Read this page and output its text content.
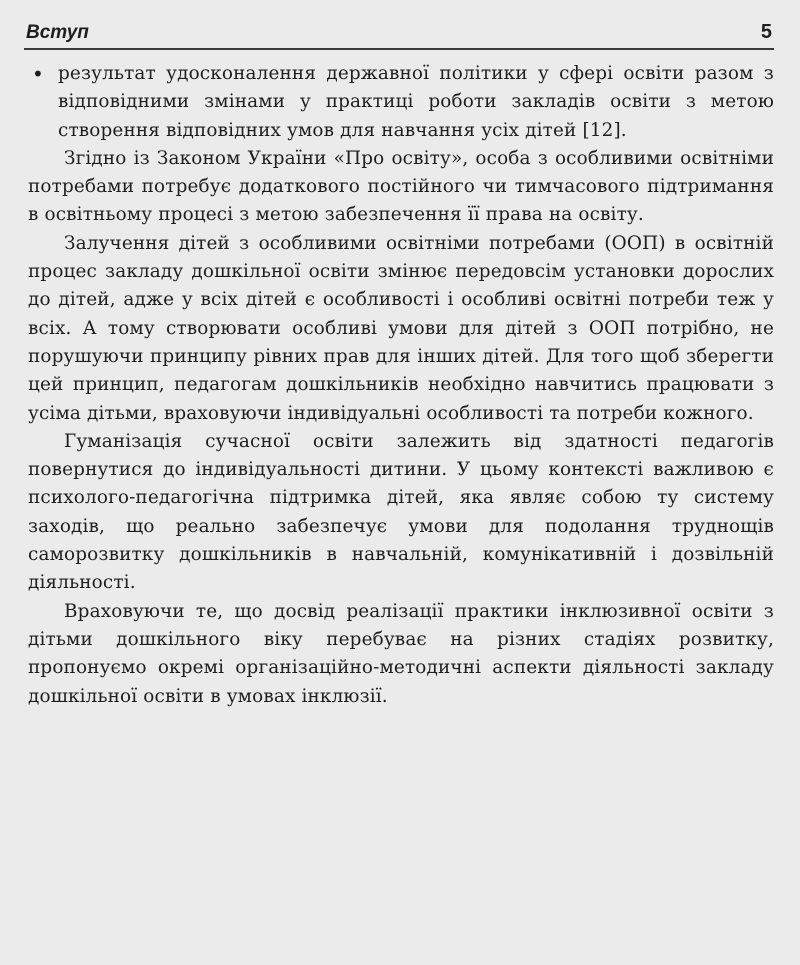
Вступ	5
• результат удосконалення державної політики у сфері освіти разом з відповідними змінами у практиці роботи закладів освіти з метою створення відповідних умов для навчання усіх дітей [12].

Згідно із Законом України «Про освіту», особа з особливими освітніми потребами потребує додаткового постійного чи тимчасового підтримання в освітньому процесі з метою забезпечення її права на освіту.

Залучення дітей з особливими освітніми потребами (ООП) в освітній процес закладу дошкільної освіти змінює передовсім установки дорослих до дітей, адже у всіх дітей є особливості і особливі освітні потреби теж у всіх. А тому створювати особливі умови для дітей з ООП потрібно, не порушуючи принципу рівних прав для інших дітей. Для того щоб зберегти цей принцип, педагогам дошкільників необхідно навчитись працювати з усіма дітьми, враховуючи індивідуальні особливості та потреби кожного.

Гуманізація сучасної освіти залежить від здатності педагогів повернутися до індивідуальності дитини. У цьому контексті важливою є психолого-педагогічна підтримка дітей, яка являє собою ту систему заходів, що реально забезпечує умови для подолання труднощів саморозвитку дошкільників в навчальній, комунікативній і дозвільній діяльності.

Враховуючи те, що досвід реалізації практики інклюзивної освіти з дітьми дошкільного віку перебуває на різних стадіях розвитку, пропонуємо окремі організаційно-методичні аспекти діяльності закладу дошкільної освіти в умовах інклюзії.
